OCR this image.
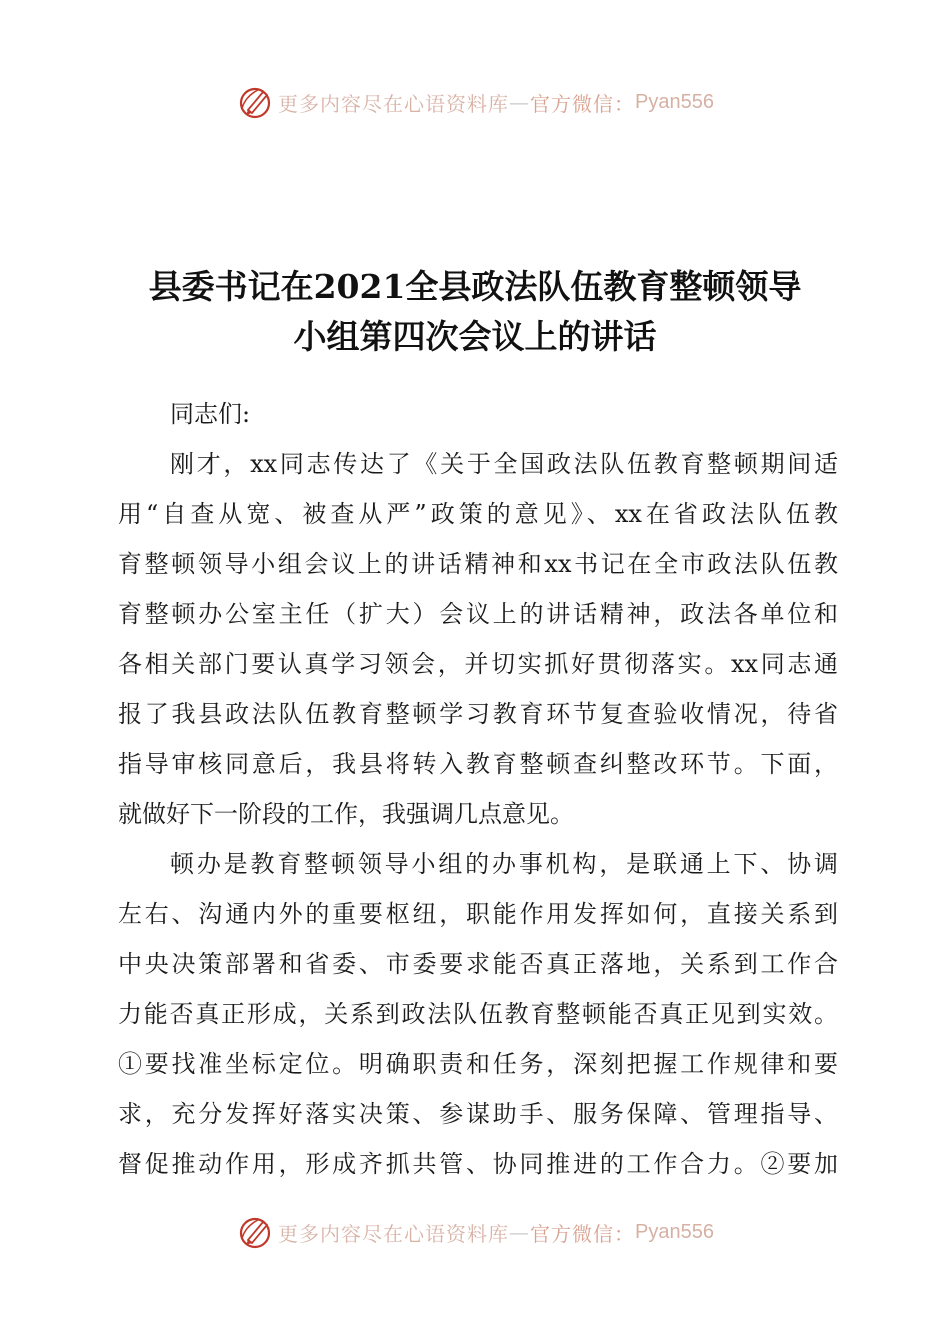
更多内容尽在心语资料库 — 官方微信： Pyan556
县委书记在2021全县政法队伍教育整顿领导
小组第四次会议上的讲话
同志们:
刚才，xx同志传达了《关于全国政法队伍教育整顿期间适
用“自查从宽、被查从严”政策的意见》、xx在省政法队伍教
育整顿领导小组会议上的讲话精神和xx书记在全市政法队伍教
育整顿办公室主任（扩大）会议上的讲话精神，政法各单位和
各相关部门要认真学习领会，并切实抓好贯彻落实。xx同志通
报了我县政法队伍教育整顿学习教育环节复查验收情况，待省
指导审核同意后，我县将转入教育整顿查纠整改环节。下面，
就做好下一阶段的工作，我强调几点意见。
顿办是教育整顿领导小组的办事机构，是联通上下、协调
左右、沟通内外的重要枢纽，职能作用发挥如何，直接关系到
中央决策部署和省委、市委要求能否真正落地，关系到工作合
力能否真正形成，关系到政法队伍教育整顿能否真正见到实效。
①要找准坐标定位。明确职责和任务，深刻把握工作规律和要
求，充分发挥好落实决策、参谋助手、服务保障、管理指导、
督促推动作用，形成齐抓共管、协同推进的工作合力。②要加
更多内容尽在心语资料库 — 官方微信： Pyan556
